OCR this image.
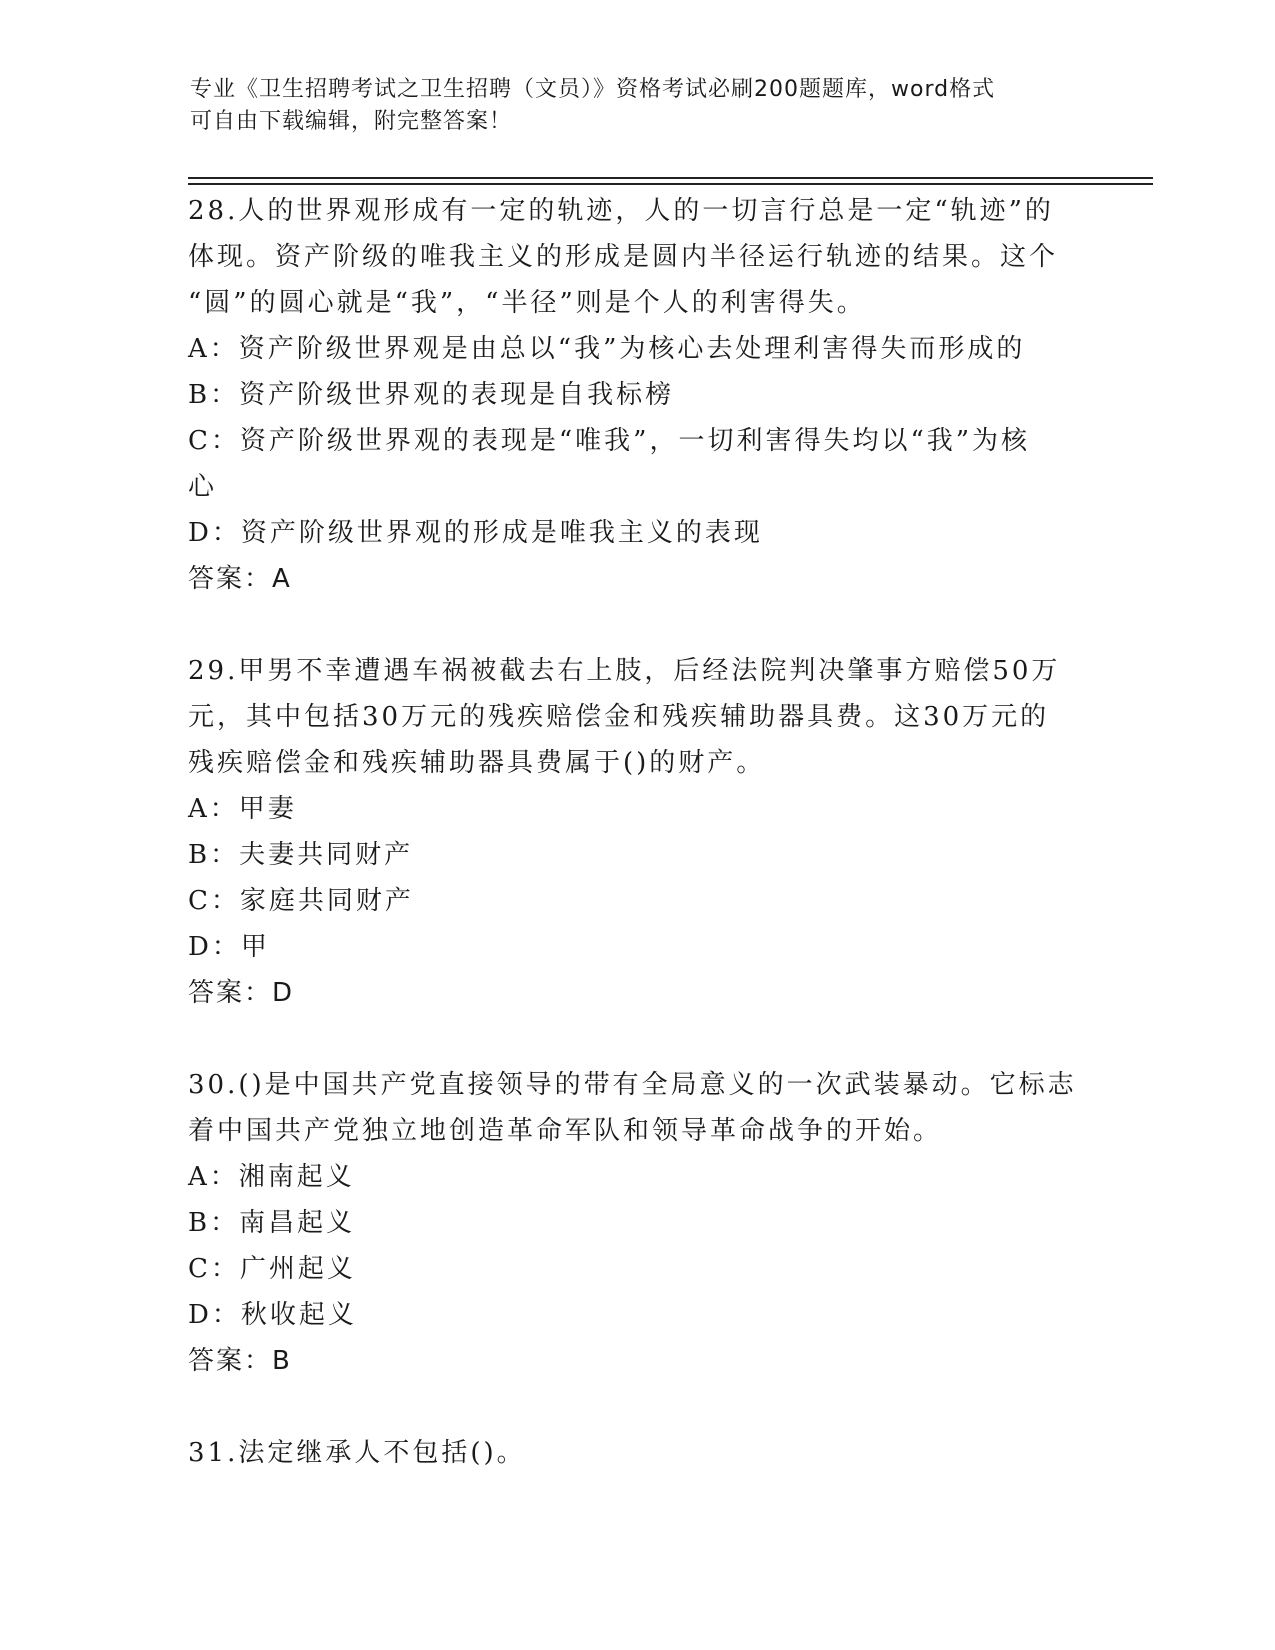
专业《卫生招聘考试之卫生招聘（文员）》资格考试必刷200题题库，word格式
可自由下载编辑，附完整答案！
28.人的世界观形成有一定的轨迹，人的一切言行总是一定“轨迹”的
体现。资产阶级的唯我主义的形成是圆内半径运行轨迹的结果。这个
“圆”的圆心就是“我”，“半径”则是个人的利害得失。
A：资产阶级世界观是由总以“我”为核心去处理利害得失而形成的
B：资产阶级世界观的表现是自我标榜
C：资产阶级世界观的表现是“唯我”，一切利害得失均以“我”为核
心
D：资产阶级世界观的形成是唯我主义的表现
答案：A
29.甲男不幸遭遇车祸被截去右上肢，后经法院判决肇事方赔偿50万
元，其中包括30万元的残疾赔偿金和残疾辅助器具费。这30万元的
残疾赔偿金和残疾辅助器具费属于()的财产。
A：甲妻
B：夫妻共同财产
C：家庭共同财产
D：甲
答案：D
30.()是中国共产党直接领导的带有全局意义的一次武装暴动。它标志
着中国共产党独立地创造革命军队和领导革命战争的开始。
A：湘南起义
B：南昌起义
C：广州起义
D：秋收起义
答案：B
31.法定继承人不包括()。
